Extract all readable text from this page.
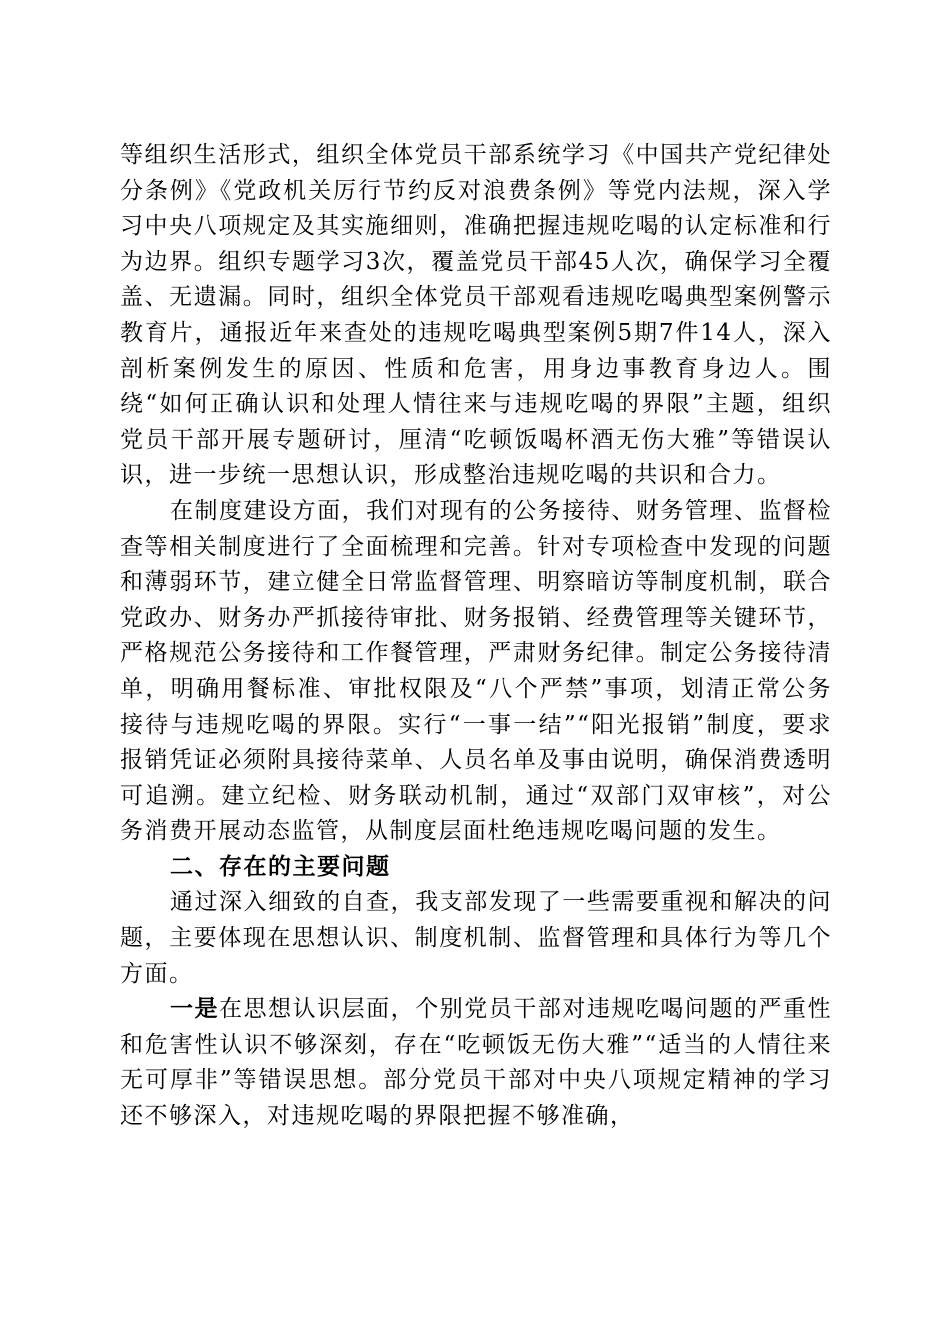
等组织生活形式，组织全体党员干部系统学习《中国共产党纪律处分条例》《党政机关厉行节约反对浪费条例》等党内法规，深入学习中央八项规定及其实施细则，准确把握违规吃喝的认定标准和行为边界。组织专题学习3次，覆盖党员干部45人次，确保学习全覆盖、无遗漏。同时，组织全体党员干部观看违规吃喝典型案例警示教育片，通报近年来查处的违规吃喝典型案例5期7件14人，深入剖析案例发生的原因、性质和危害，用身边事教育身边人。围绕“如何正确认识和处理人情往来与违规吃喝的界限”主题，组织党员干部开展专题研讨，厘清“吃顿饭喝杯酒无伤大雅”等错误认识，进一步统一思想认识，形成整治违规吃喝的共识和合力。

在制度建设方面，我们对现有的公务接待、财务管理、监督检查等相关制度进行了全面梳理和完善。针对专项检查中发现的问题和薄弱环节，建立健全日常监督管理、明察暗访等制度机制，联合党政办、财务办严抓接待审批、财务报销、经费管理等关键环节，严格规范公务接待和工作餐管理，严肃财务纪律。制定公务接待清单，明确用餐标准、审批权限及“八个严禁”事项，划清正常公务接待与违规吃喝的界限。实行“一事一结”“阳光报销”制度，要求报销凭证必须附具接待菜单、人员名单及事由说明，确保消费透明可追溯。建立纪检、财务联动机制，通过“双部门双审核”，对公务消费开展动态监管，从制度层面杜绝违规吃喝问题的发生。

二、存在的主要问题

通过深入细致的自查，我支部发现了一些需要重视和解决的问题，主要体现在思想认识、制度机制、监督管理和具体行为等几个方面。

一是在思想认识层面，个别党员干部对违规吃喝问题的严重性和危害性认识不够深刻，存在“吃顿饭无伤大雅”“适当的人情往来无可厚非”等错误思想。部分党员干部对中央八项规定精神的学习还不够深入，对违规吃喝的界限把握不够准确，
